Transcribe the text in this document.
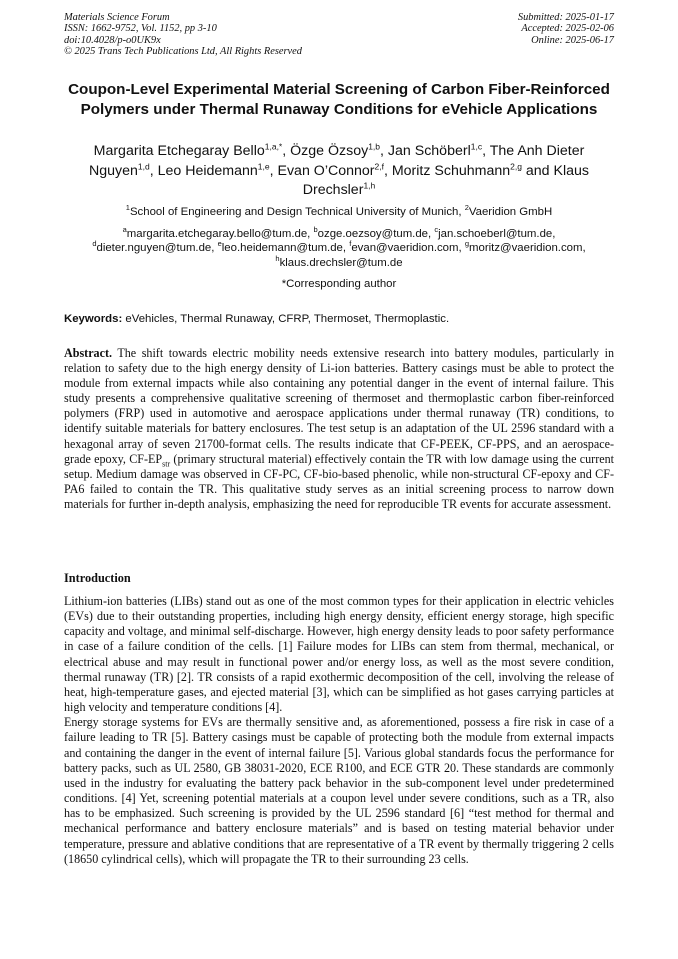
Materials Science Forum
ISSN: 1662-9752, Vol. 1152, pp 3-10
doi:10.4028/p-o0UK9x
© 2025 Trans Tech Publications Ltd, All Rights Reserved
Submitted: 2025-01-17
Accepted: 2025-02-06
Online: 2025-06-17
Coupon-Level Experimental Material Screening of Carbon Fiber-Reinforced Polymers under Thermal Runaway Conditions for eVehicle Applications
Margarita Etchegaray Bello$^{1,a,*}$, Özge Özsoy$^{1,b}$, Jan Schöberl$^{1,c}$, The Anh Dieter Nguyen$^{1,d}$, Leo Heidemann$^{1,e}$, Evan O’Connor$^{2,f}$, Moritz Schuhmann$^{2,g}$ and Klaus Drechsler$^{1,h}$
$^1$School of Engineering and Design Technical University of Munich, $^2$Vaeridion GmbH
$^a$margarita.etchegaray.bello@tum.de, $^b$ozge.oezsoy@tum.de, $^c$jan.schoeberl@tum.de, $^d$dieter.nguyen@tum.de, $^e$leo.heidemann@tum.de, $^f$evan@vaeridion.com, $^g$moritz@vaeridion.com, $^h$klaus.drechsler@tum.de
*Corresponding author
Keywords: eVehicles, Thermal Runaway, CFRP, Thermoset, Thermoplastic.

Abstract. The shift towards electric mobility needs extensive research into battery modules, particularly in relation to safety due to the high energy density of Li-ion batteries. Battery casings must be able to protect the module from external impacts while also containing any potential danger in the event of internal failure. This study presents a comprehensive qualitative screening of thermoset and thermoplastic carbon fiber-reinforced polymers (FRP) used in automotive and aerospace applications under thermal runaway (TR) conditions, to identify suitable materials for battery enclosures. The test setup is an adaptation of the UL 2596 standard with a hexagonal array of seven 21700-format cells. The results indicate that CF-PEEK, CF-PPS, and an aerospace-grade epoxy, $CF-EP_{str}$ (primary structural material) effectively contain the TR with low damage using the current setup. Medium damage was observed in CF-PC, CF-bio-based phenolic, while non-structural CF-epoxy and CF-PA6 failed to contain the TR. This qualitative study serves as an initial screening process to narrow down materials for further in-depth analysis, emphasizing the need for reproducible TR events for accurate assessment.

Introduction

Lithium-ion batteries (LIBs) stand out as one of the most common types for their application in electric vehicles (EVs) due to their outstanding properties, including high energy density, efficient energy storage, high specific capacity and voltage, and minimal self-discharge. However, high energy density leads to poor safety performance in case of a failure condition of the cells. [1] Failure modes for LIBs can stem from thermal, mechanical, or electrical abuse and may result in functional power and/or energy loss, as well as the most severe condition, thermal runaway (TR) [2]. TR consists of a rapid exothermic decomposition of the cell, involving the release of heat, high-temperature gases, and ejected material [3], which can be simplified as hot gases carrying particles at high velocity and temperature conditions [4].

Energy storage systems for EVs are thermally sensitive and, as aforementioned, possess a fire risk in case of a failure leading to TR [5]. Battery casings must be capable of protecting both the module from external impacts and containing the danger in the event of internal failure [5]. Various global standards focus the performance for battery packs, such as UL 2580, GB 38031-2020, ECE R100, and ECE GTR 20. These standards are commonly used in the industry for evaluating the battery pack behavior in the sub-component level under predetermined conditions. [4] Yet, screening potential materials at a coupon level under severe conditions, such as a TR, also has to be emphasized. Such screening is provided by the UL 2596 standard [6] “test method for thermal and mechanical performance and battery enclosure materials” and is based on testing material behavior under temperature, pressure and ablative conditions that are representative of a TR event by thermally triggering 2 cells (18650 cylindrical cells), which will propagate the TR to their surrounding 23 cells.
